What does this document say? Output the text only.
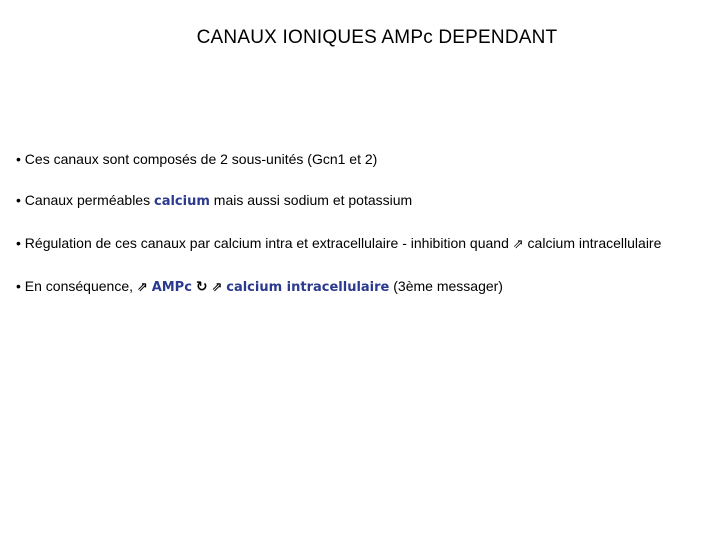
CANAUX IONIQUES AMPc DEPENDANT
• Ces canaux sont composés de 2 sous-unités (Gcn1 et 2)
• Canaux perméables calcium mais aussi sodium et potassium
• Régulation de ces canaux par calcium intra et extracellulaire - inhibition quand ⇗ calcium intracellulaire
• En conséquence, ⇗ AMPc ↻ ⇗ calcium intracellulaire (3ème messager)
